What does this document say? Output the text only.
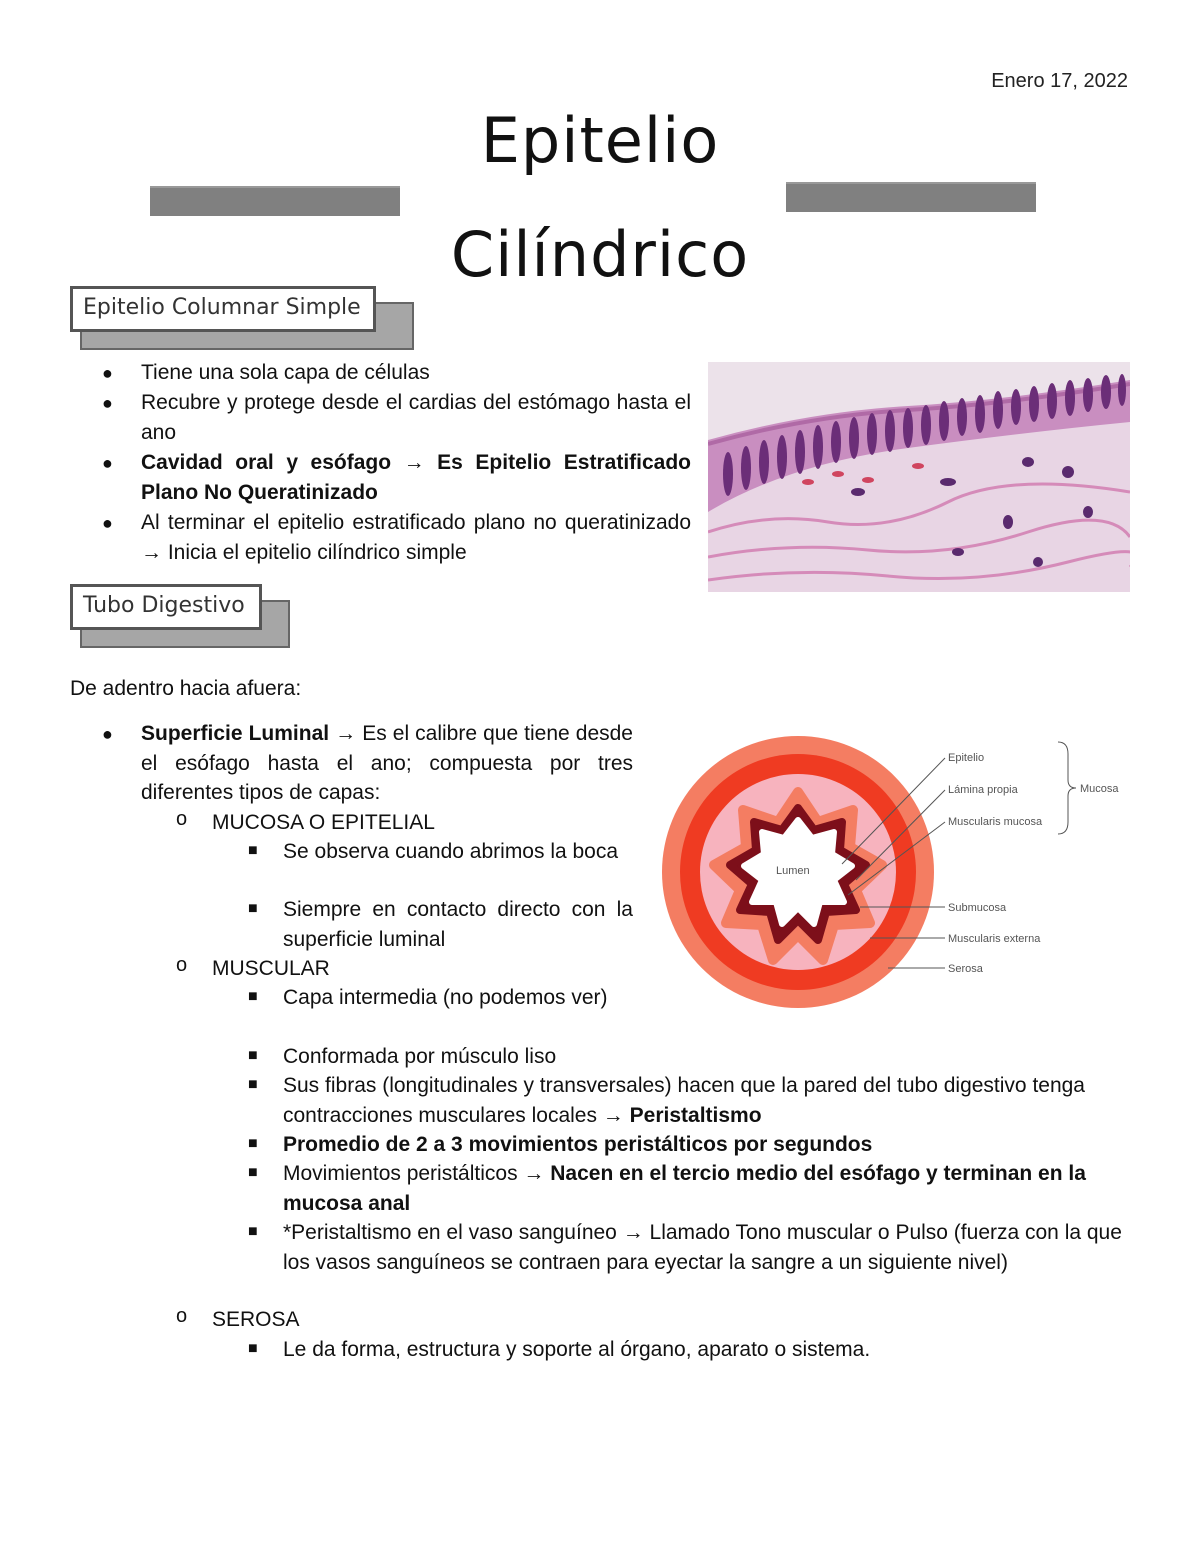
Enero 17, 2022
Epitelio
Cilíndrico
Epitelio Columnar Simple
● Tiene una sola capa de células
● Recubre y protege desde el cardias del estómago hasta el ano
● Cavidad oral y esófago → Es Epitelio Estratificado Plano No Queratinizado
● Al terminar el epitelio estratificado plano no queratinizado → Inicia el epitelio cilíndrico simple
Tubo Digestivo
De adentro hacia afuera:
● Superficie Luminal → Es el calibre que tiene desde el esófago hasta el ano; compuesta por tres diferentes tipos de capas:
o MUCOSA O EPITELIAL
■ Se observa cuando abrimos la boca
■ Siempre en contacto directo con la superficie luminal
o MUSCULAR
■ Capa intermedia (no podemos ver)
■ Conformada por músculo liso
■ Sus fibras (longitudinales y transversales) hacen que la pared del tubo digestivo tenga contracciones musculares locales → Peristaltismo
■ Promedio de 2 a 3 movimientos peristálticos por segundos
■ Movimientos peristálticos → Nacen en el tercio medio del esófago y terminan en la mucosa anal
■ *Peristaltismo en el vaso sanguíneo → Llamado Tono muscular o Pulso (fuerza con la que los vasos sanguíneos se contraen para eyectar la sangre a un siguiente nivel)
o SEROSA
■ Le da forma, estructura y soporte al órgano, aparato o sistema.
Lumen
Epitelio
Lámina propia
Muscularis mucosa
Mucosa
Submucosa
Muscularis externa
Serosa
